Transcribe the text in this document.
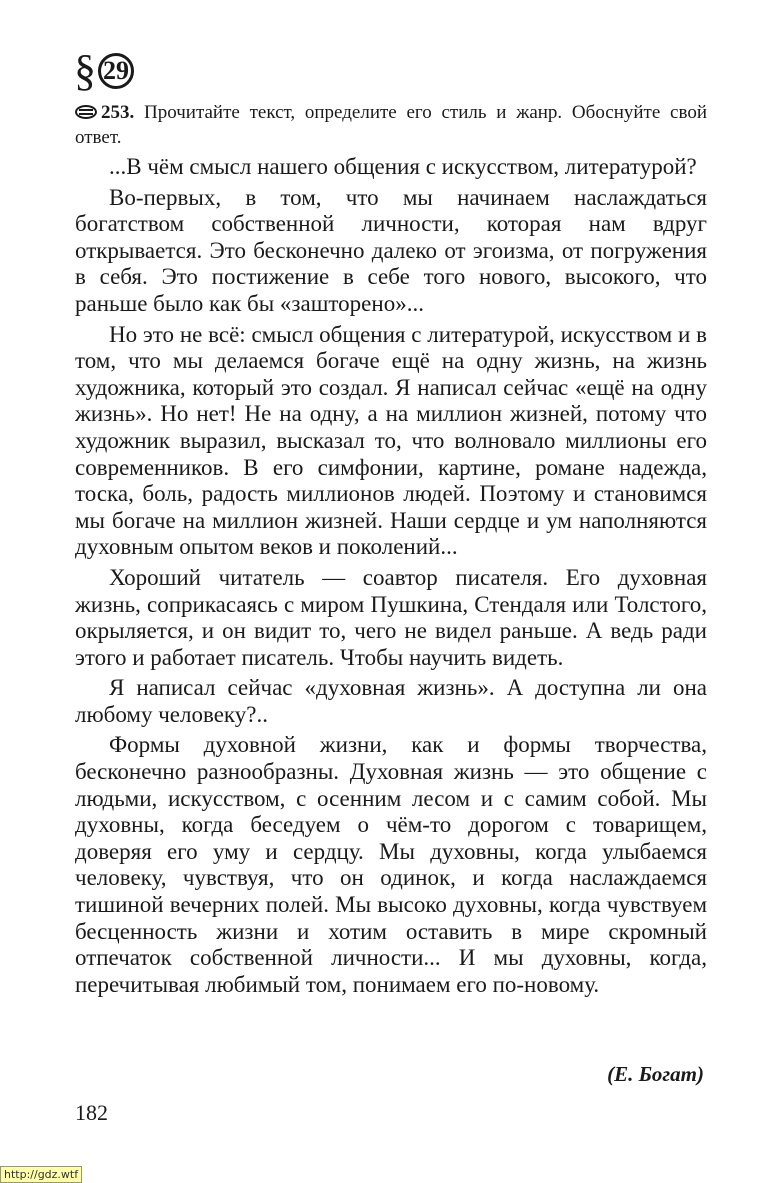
§ 29
253. Прочитайте текст, определите его стиль и жанр. Обоснуйте свой ответ.

...В чём смысл нашего общения с искусством, литературой?

Во-первых, в том, что мы начинаем наслаждаться богатством собственной личности, которая нам вдруг открывается. Это бесконечно далеко от эгоизма, от погружения в себя. Это постижение в себе того нового, высокого, что раньше было как бы «зашторено»...

Но это не всё: смысл общения с литературой, искусством и в том, что мы делаемся богаче ещё на одну жизнь, на жизнь художника, который это создал. Я написал сейчас «ещё на одну жизнь». Но нет! Не на одну, а на миллион жизней, потому что художник выразил, высказал то, что волновало миллионы его современников. В его симфонии, картине, романе надежда, тоска, боль, радость миллионов людей. Поэтому и становимся мы богаче на миллион жизней. Наши сердце и ум наполняются духовным опытом веков и поколений...

Хороший читатель — соавтор писателя. Его духовная жизнь, соприкасаясь с миром Пушкина, Стендаля или Толстого, окрыляется, и он видит то, чего не видел раньше. А ведь ради этого и работает писатель. Чтобы научить видеть.

Я написал сейчас «духовная жизнь». А доступна ли она любому человеку?..

Формы духовной жизни, как и формы творчества, бесконечно разнообразны. Духовная жизнь — это общение с людьми, искусством, с осенним лесом и с самим собой. Мы духовны, когда беседуем о чём-то дорогом с товарищем, доверяя его уму и сердцу. Мы духовны, когда улыбаемся человеку, чувствуя, что он одинок, и когда наслаждаемся тишиной вечерних полей. Мы высоко духовны, когда чувствуем бесценность жизни и хотим оставить в мире скромный отпечаток собственной личности... И мы духовны, когда, перечитывая любимый том, понимаем его по-новому.

(Е. Богат)
182
http://gdz.wtf
